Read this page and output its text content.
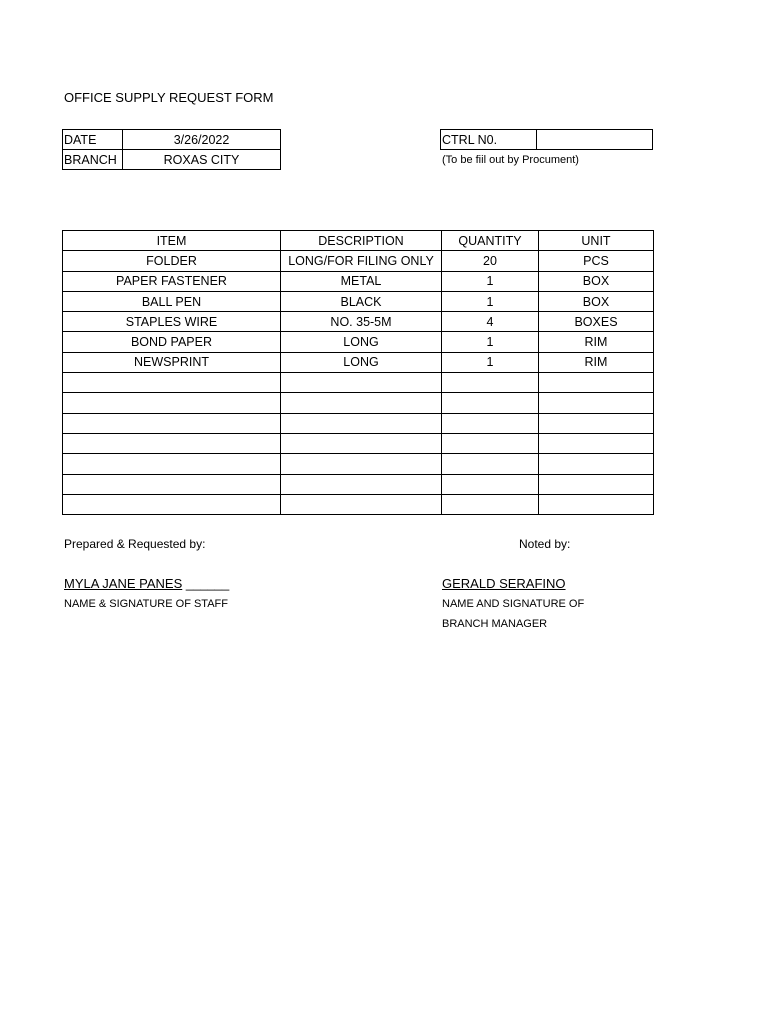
OFFICE SUPPLY REQUEST FORM
DATE	3/26/2022
BRANCH	ROXAS CITY
CTRL N0.	
(To be fiil out by Procument)
ITEM	DESCRIPTION	QUANTITY	UNIT
FOLDER	LONG/FOR FILING ONLY	20	PCS
PAPER FASTENER	METAL	1	BOX
BALL PEN	BLACK	1	BOX
STAPLES WIRE	NO. 35-5M	4	BOXES
BOND PAPER	LONG	1	RIM
NEWSPRINT	LONG	1	RIM

Prepared & Requested by:	Noted by:
MYLA JANE PANES ______
NAME & SIGNATURE OF STAFF
GERALD SERAFINO
NAME AND SIGNATURE OF
BRANCH MANAGER
